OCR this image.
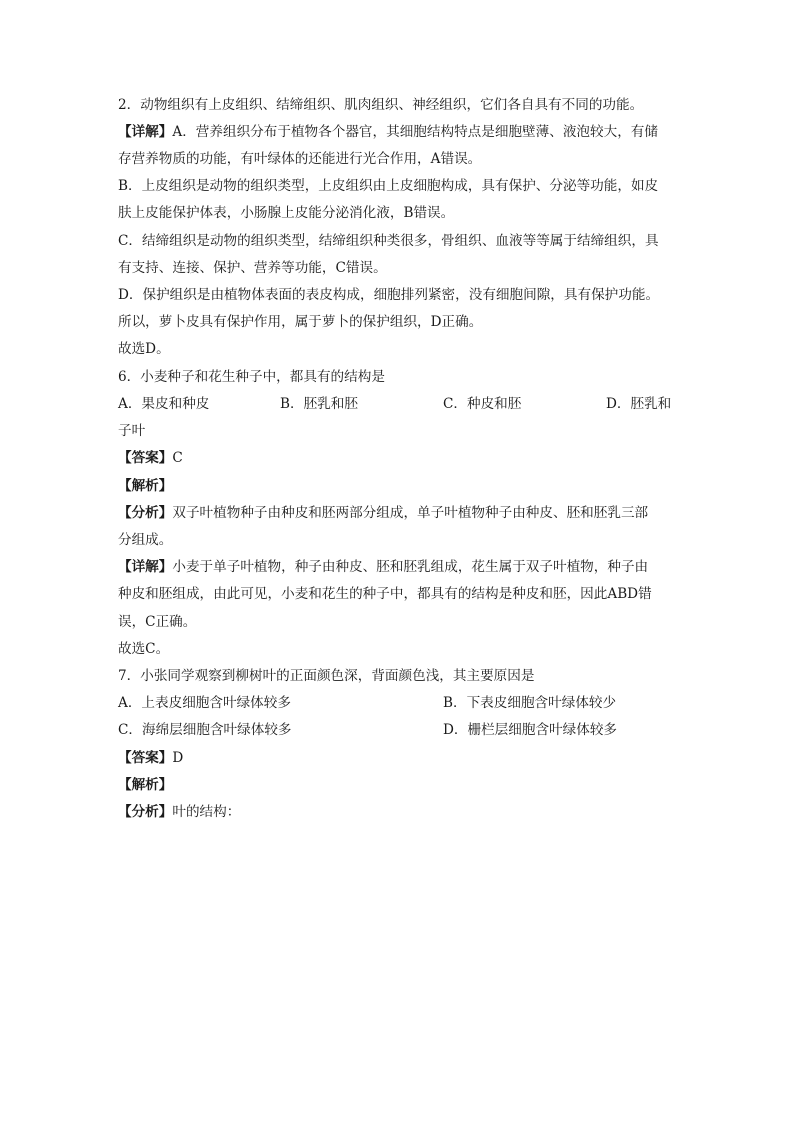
2．动物组织有上皮组织、结缔组织、肌肉组织、神经组织，它们各自具有不同的功能。
【详解】A．营养组织分布于植物各个器官，其细胞结构特点是细胞壁薄、液泡较大，有储
存营养物质的功能，有叶绿体的还能进行光合作用，A错误。
B．上皮组织是动物的组织类型，上皮组织由上皮细胞构成，具有保护、分泌等功能，如皮
肤上皮能保护体表，小肠腺上皮能分泌消化液，B错误。
C．结缔组织是动物的组织类型，结缔组织种类很多，骨组织、血液等等属于结缔组织，具
有支持、连接、保护、营养等功能，C错误。
D．保护组织是由植物体表面的表皮构成，细胞排列紧密，没有细胞间隙，具有保护功能。
所以，萝卜皮具有保护作用，属于萝卜的保护组织，D正确。
故选D。
6．小麦种子和花生种子中，都具有的结构是
A．果皮和种皮	B．胚乳和胚	C．种皮和胚	D．胚乳和
子叶
【答案】C
【解析】
【分析】双子叶植物种子由种皮和胚两部分组成，单子叶植物种子由种皮、胚和胚乳三部
分组成。
【详解】小麦于单子叶植物，种子由种皮、胚和胚乳组成，花生属于双子叶植物，种子由
种皮和胚组成，由此可见，小麦和花生的种子中，都具有的结构是种皮和胚，因此ABD错
误，C正确。
故选C。
7．小张同学观察到柳树叶的正面颜色深，背面颜色浅，其主要原因是
A．上表皮细胞含叶绿体较多	B．下表皮细胞含叶绿体较少
C．海绵层细胞含叶绿体较多	D．栅栏层细胞含叶绿体较多
【答案】D
【解析】
【分析】叶的结构：
